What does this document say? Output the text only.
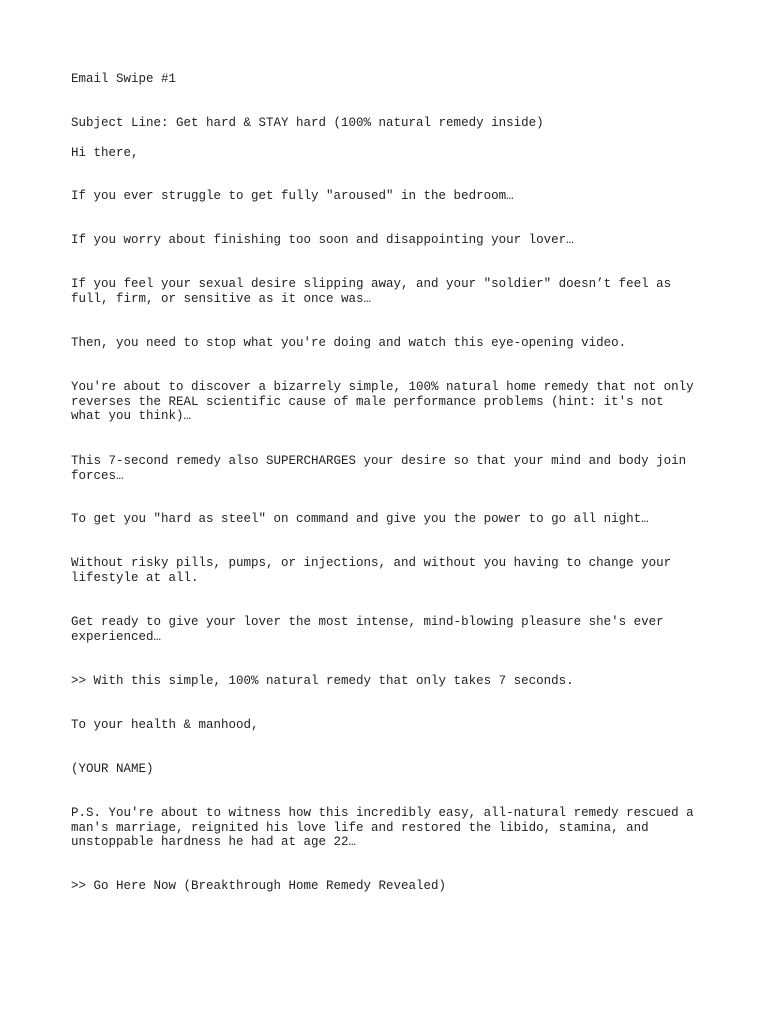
Email Swipe #1

Subject Line: Get hard & STAY hard (100% natural remedy inside)

Hi there,

If you ever struggle to get fully "aroused" in the bedroom…

If you worry about finishing too soon and disappointing your lover…

If you feel your sexual desire slipping away, and your "soldier" doesn’t feel as
full, firm, or sensitive as it once was…

Then, you need to stop what you're doing and watch this eye-opening video.

You're about to discover a bizarrely simple, 100% natural home remedy that not only
reverses the REAL scientific cause of male performance problems (hint: it's not
what you think)…

This 7-second remedy also SUPERCHARGES your desire so that your mind and body join
forces…

To get you "hard as steel" on command and give you the power to go all night…

Without risky pills, pumps, or injections, and without you having to change your
lifestyle at all.

Get ready to give your lover the most intense, mind-blowing pleasure she's ever
experienced…

>> With this simple, 100% natural remedy that only takes 7 seconds.

To your health & manhood,

(YOUR NAME)

P.S. You're about to witness how this incredibly easy, all-natural remedy rescued a
man's marriage, reignited his love life and restored the libido, stamina, and
unstoppable hardness he had at age 22…

>> Go Here Now (Breakthrough Home Remedy Revealed)
